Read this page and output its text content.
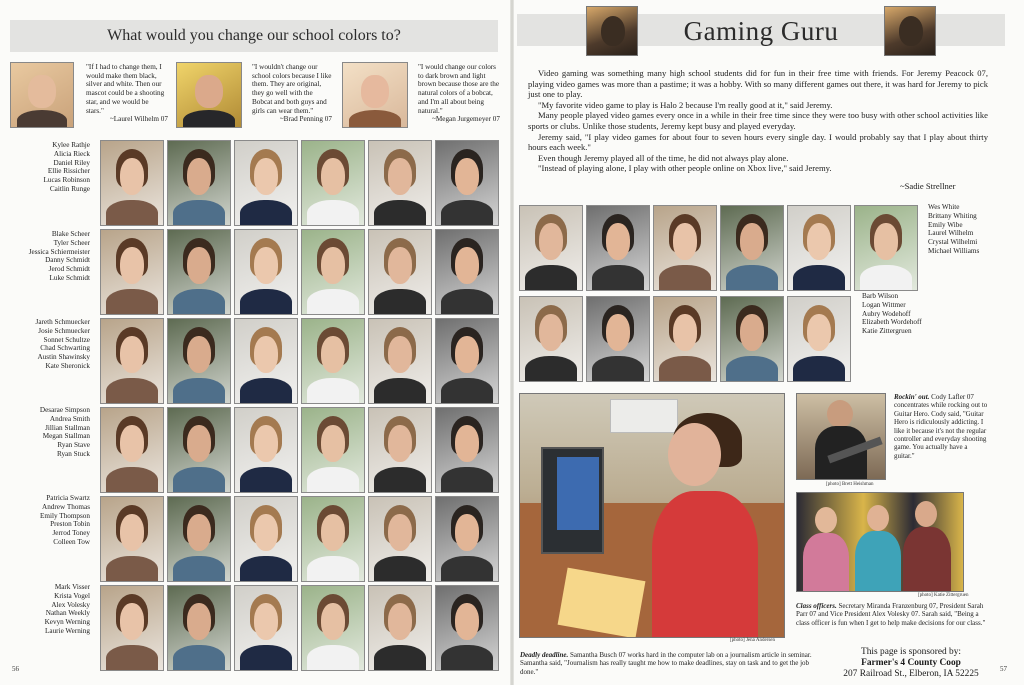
What would you change our school colors to?
"If I had to change them, I would make them black, silver and white. Then our mascot could be a shooting star, and we would be stars."
~Laurel Wilhelm 07
"I wouldn't change our school colors because I like them. They are original, they go well with the Bobcat and both guys and girls can wear them."
~Brad Penning 07
"I would change our colors to dark brown and light brown because those are the natural colors of a bobcat, and I'm all about being natural."
~Megan Jurgemeyer 07
Kylee Rathje
Alicia Rieck
Daniel Riley
Ellie Rissicher
Lucas Robinson
Caitlin Runge
Blake Scheer
Tyler Scheer
Jessica Schiermeister
Danny Schmidt
Jerod Schmidt
Luke Schmidt
Jareth Schmuecker
Josie Schmuecker
Sonnet Schultze
Chad Schwarting
Austin Shawinsky
Kate Sheronick
Desarae Simpson
Andrea Smith
Jillian Stallman
Megan Stallman
Ryan Stave
Ryan Stuck
Patricia Swartz
Andrew Thomas
Emily Thompson
Preston Tobin
Jerrod Toney
Colleen Tow
Mark Visser
Krista Vogel
Alex Volesky
Nathan Weekly
Kevyn Werning
Laurie Werning
56
Gaming Guru

Video gaming was something many high school students did for fun in their free time with friends. For Jeremy Peacock 07, playing video games was more than a pastime; it was a hobby. With so many different games out there, it was hard for Jeremy to pick just one to play.

"My favorite video game to play is Halo 2 because I'm really good at it," said Jeremy.

Many people played video games every once in a while in their free time since they were too busy with other school activities like sports or clubs. Unlike those students, Jeremy kept busy and played everyday.

Jeremy said, "I play video games for about four to seven hours every single day. I would probably say that I play about thirty hours each week."

Even though Jeremy played all of the time, he did not always play alone.

"Instead of playing alone, I play with other people online on Xbox live," said Jeremy.

~Sadie Strellner
Wes White
Brittany Whiting
Emily Wibe
Laurel Wilhelm
Crystal Wilhelmi
Michael Williams
Barb Wilson
Logan Wittmer
Aubry Wodehoff
Elizabeth Wordehoff
Katie Zittergruen
[photo] Jena Andersen
Deadly deadline. Samantha Busch 07 works hard in the computer lab on a journalism article in seminar. Samantha said, "Journalism has really taught me how to make deadlines, stay on task and to get the job done."
[photo] Brett Heishman
Rockin' out. Cody Lafler 07 concentrates while rocking out to Guitar Hero. Cody said, "Guitar Hero is ridiculously addicting. I like it because it's not the regular controller and everyday shooting game. You actually have a guitar."
[photo] Katie Zittergruen
Class officers. Secretary Miranda Franzenburg 07, President Sarah Parr 07 and Vice President Alex Volesky 07. Sarah said, "Being a class officer is fun when I get to help make decisions for our class."
This page is sponsored by:
Farmer's 4 County Coop
207 Railroad St., Elberon, IA 52225
57
